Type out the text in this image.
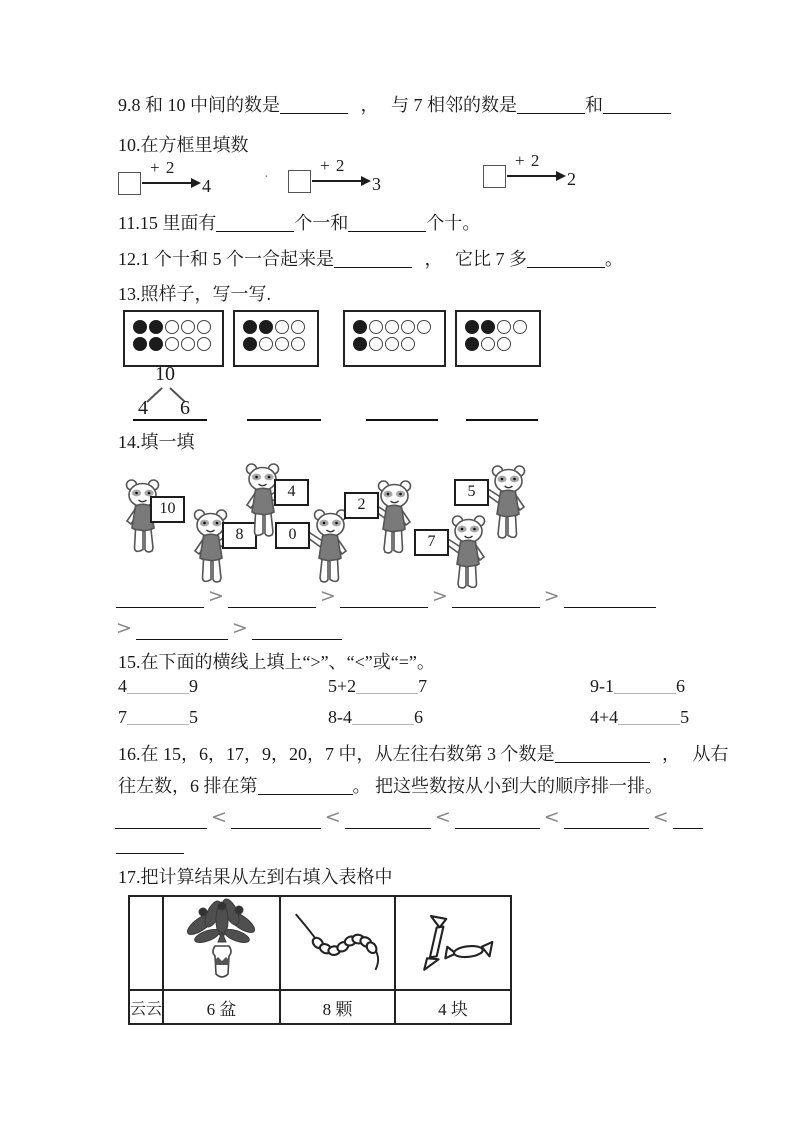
9.8 和 10 中间的数是	， 与 7 相邻的数是	和
10.在方框里填数
+ 2
4	·
+ 2
3
+ 2
2
11.15 里面有	个一和	个十。
12.1 个十和 5 个一合起来是	， 它比 7 多	。
13.照样子，写一写.
10
4 6
14.填一填
10
8
4
0
2
7
5
>	>	>	>
>	>
15.在下面的横线上填上“>”、“<”或“=”。
4	9	5+2	7	9-1	6
7	5	8-4	6	4+4	5
16.在 15，6，17，9，20，7 中，从左往右数第 3 个数是	， 从右
往左数，6 排在第	。 把这些数按从小到大的顺序排一排。
<	<	<	<	<
17.把计算结果从左到右填入表格中

云云	6 盆	8 颗	4 块
